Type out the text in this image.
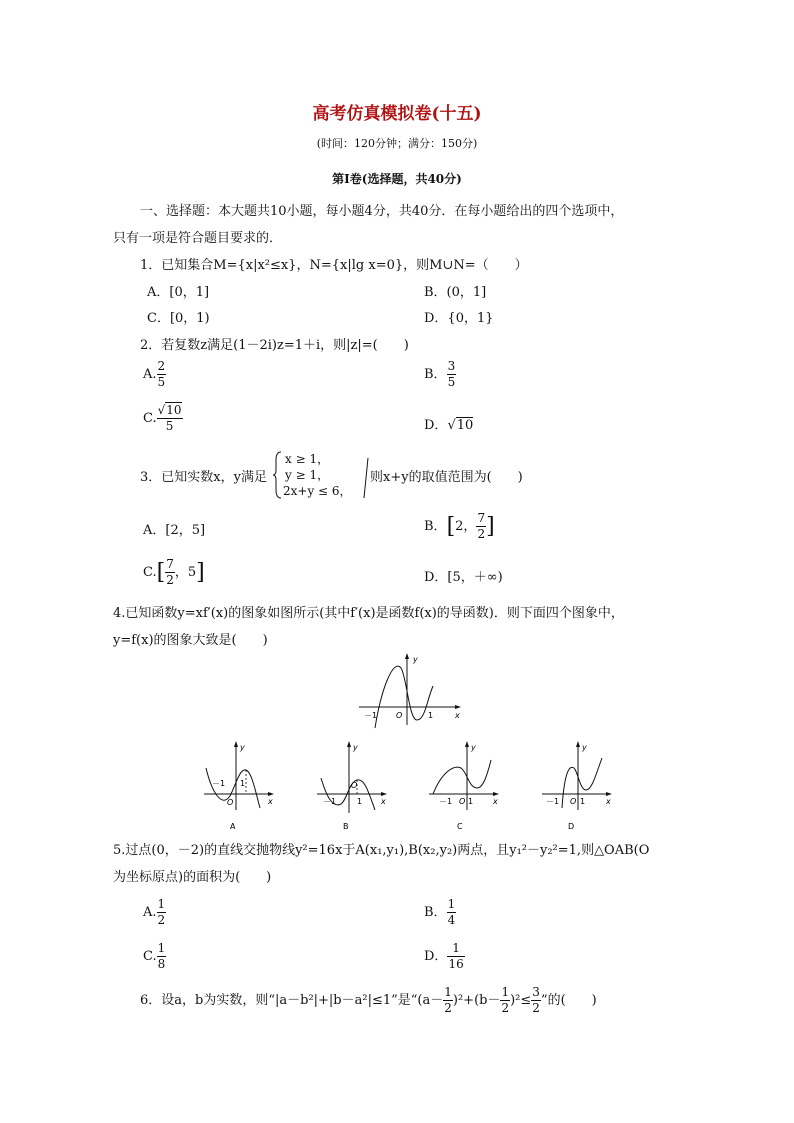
高考仿真模拟卷(十五)
(时间：120分钟；满分：150分)
第Ⅰ卷(选择题，共40分)
一、选择题：本大题共10小题，每小题4分，共40分．在每小题给出的四个选项中，
只有一项是符合题目要求的．
1．已知集合M={x|x²≤x}，N={x|lg x=0}，则M∪N=（　　）
A．[0，1]	B．(0，1]
C．[0，1)	D．{0，1}
2．若复数z满足(1－2i)z=1＋i，则|z|=(　　)
A. $\frac{2}{5}$	B． $\frac{3}{5}$
C. $\frac{√10}{5}$	D．√10
3．已知实数x，y满足
x ≥ 1，
y ≥ 1，
2x+y ≤ 6，
则x+y的取值范围为(　　)
A．[2，5]	B．[2， $\frac{7}{2}$ ]
$C.[ \frac{7}{2}$ ，5]	D．[5，＋∞)
4.已知函数y=xf′(x)的图象如图所示(其中f′(x)是函数f(x)的导函数)．则下面四个图象中，
y=f(x)的图象大致是(　　)
y
x
O
－1	1
y
x
O
－1 1
A
y
x
O
－1	1
B
y
x
O
－1 1
C
y
x
O
－1	1
D
5.过点(0，－2)的直线交抛物线y²=16x于A(x₁,y₁),B(x₂,y₂)两点，且y₁²－y₂²=1,则△OAB(O
为坐标原点)的面积为(　　)
A. $\frac{1}{2}$	B． $\frac{1}{4}$
C. $\frac{1}{8}$	D． $\frac{1}{16}$
6．设a，b为实数，则“|a－b²|+|b－a²|≤1”是“$(a- \frac{1}{2} )^2+(b- \frac{1}{2} )^2\le \frac{3}{2}$ ”的(　　)
